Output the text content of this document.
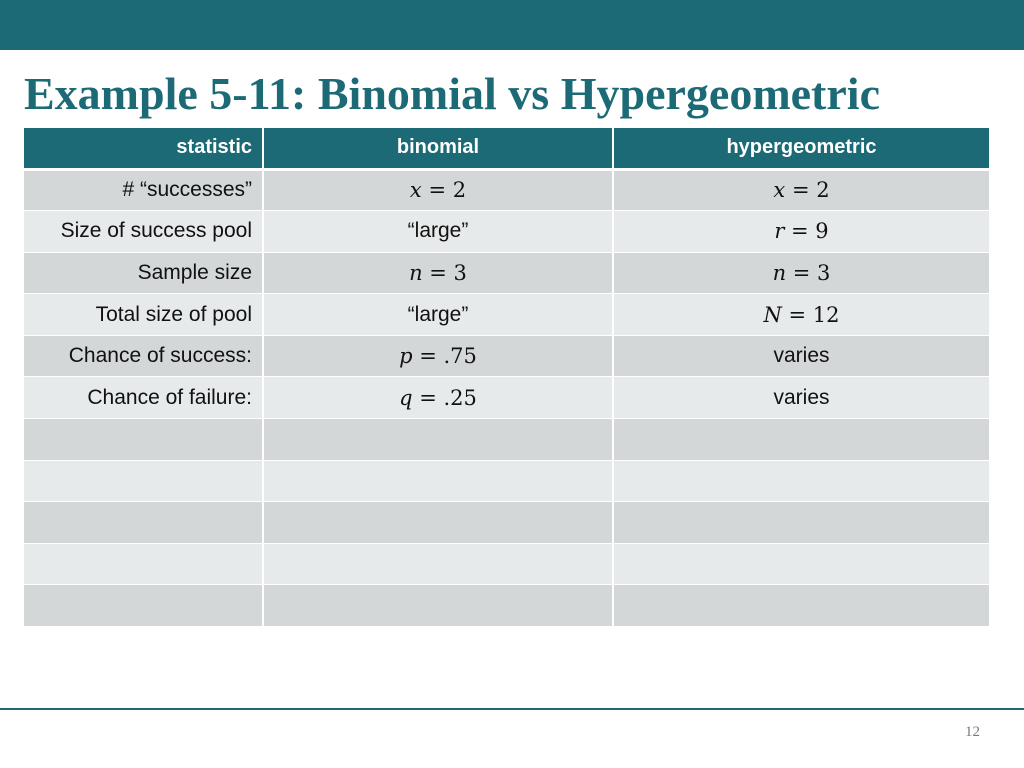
Example 5-11: Binomial vs Hypergeometric
statistic	binomial	hypergeometric
# “successes”	𝑥 = 2	𝑥 = 2
Size of success pool	“large”	𝑟 = 9
Sample size	𝑛 = 3	𝑛 = 3
Total size of pool	“large”	𝑁 = 12
Chance of success:	𝑝 = .75	varies
Chance of failure:	𝑞 = .25	varies

12
